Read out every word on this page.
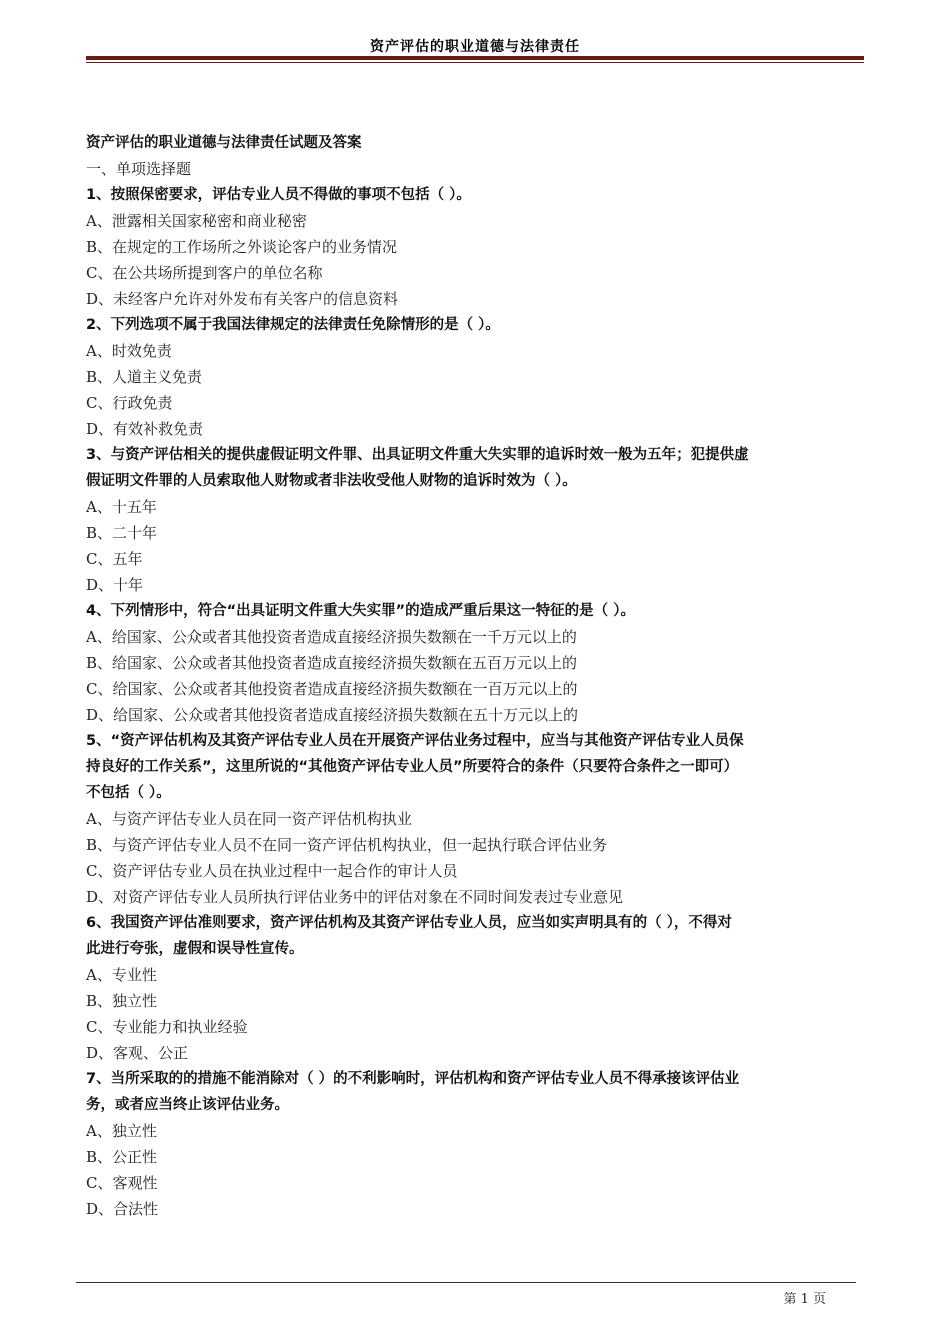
资产评估的职业道德与法律责任
资产评估的职业道德与法律责任试题及答案
一、单项选择题
1、按照保密要求，评估专业人员不得做的事项不包括（ ）。
A、泄露相关国家秘密和商业秘密
B、在规定的工作场所之外谈论客户的业务情况
C、在公共场所提到客户的单位名称
D、未经客户允许对外发布有关客户的信息资料
2、下列选项不属于我国法律规定的法律责任免除情形的是（ ）。
A、时效免责
B、人道主义免责
C、行政免责
D、有效补救免责
3、与资产评估相关的提供虚假证明文件罪、出具证明文件重大失实罪的追诉时效一般为五年；犯提供虚
假证明文件罪的人员索取他人财物或者非法收受他人财物的追诉时效为（ ）。
A、十五年
B、二十年
C、五年
D、十年
4、下列情形中，符合“出具证明文件重大失实罪”的造成严重后果这一特征的是（ ）。
A、给国家、公众或者其他投资者造成直接经济损失数额在一千万元以上的
B、给国家、公众或者其他投资者造成直接经济损失数额在五百万元以上的
C、给国家、公众或者其他投资者造成直接经济损失数额在一百万元以上的
D、给国家、公众或者其他投资者造成直接经济损失数额在五十万元以上的
5、“资产评估机构及其资产评估专业人员在开展资产评估业务过程中，应当与其他资产评估专业人员保
持良好的工作关系”，这里所说的“其他资产评估专业人员”所要符合的条件（只要符合条件之一即可）
不包括（ ）。
A、与资产评估专业人员在同一资产评估机构执业
B、与资产评估专业人员不在同一资产评估机构执业，但一起执行联合评估业务
C、资产评估专业人员在执业过程中一起合作的审计人员
D、对资产评估专业人员所执行评估业务中的评估对象在不同时间发表过专业意见
6、我国资产评估准则要求，资产评估机构及其资产评估专业人员，应当如实声明具有的（ ），不得对
此进行夸张，虚假和误导性宣传。
A、专业性
B、独立性
C、专业能力和执业经验
D、客观、公正
7、当所采取的的措施不能消除对（ ）的不利影响时，评估机构和资产评估专业人员不得承接该评估业
务，或者应当终止该评估业务。
A、独立性
B、公正性
C、客观性
D、合法性
第 1 页
